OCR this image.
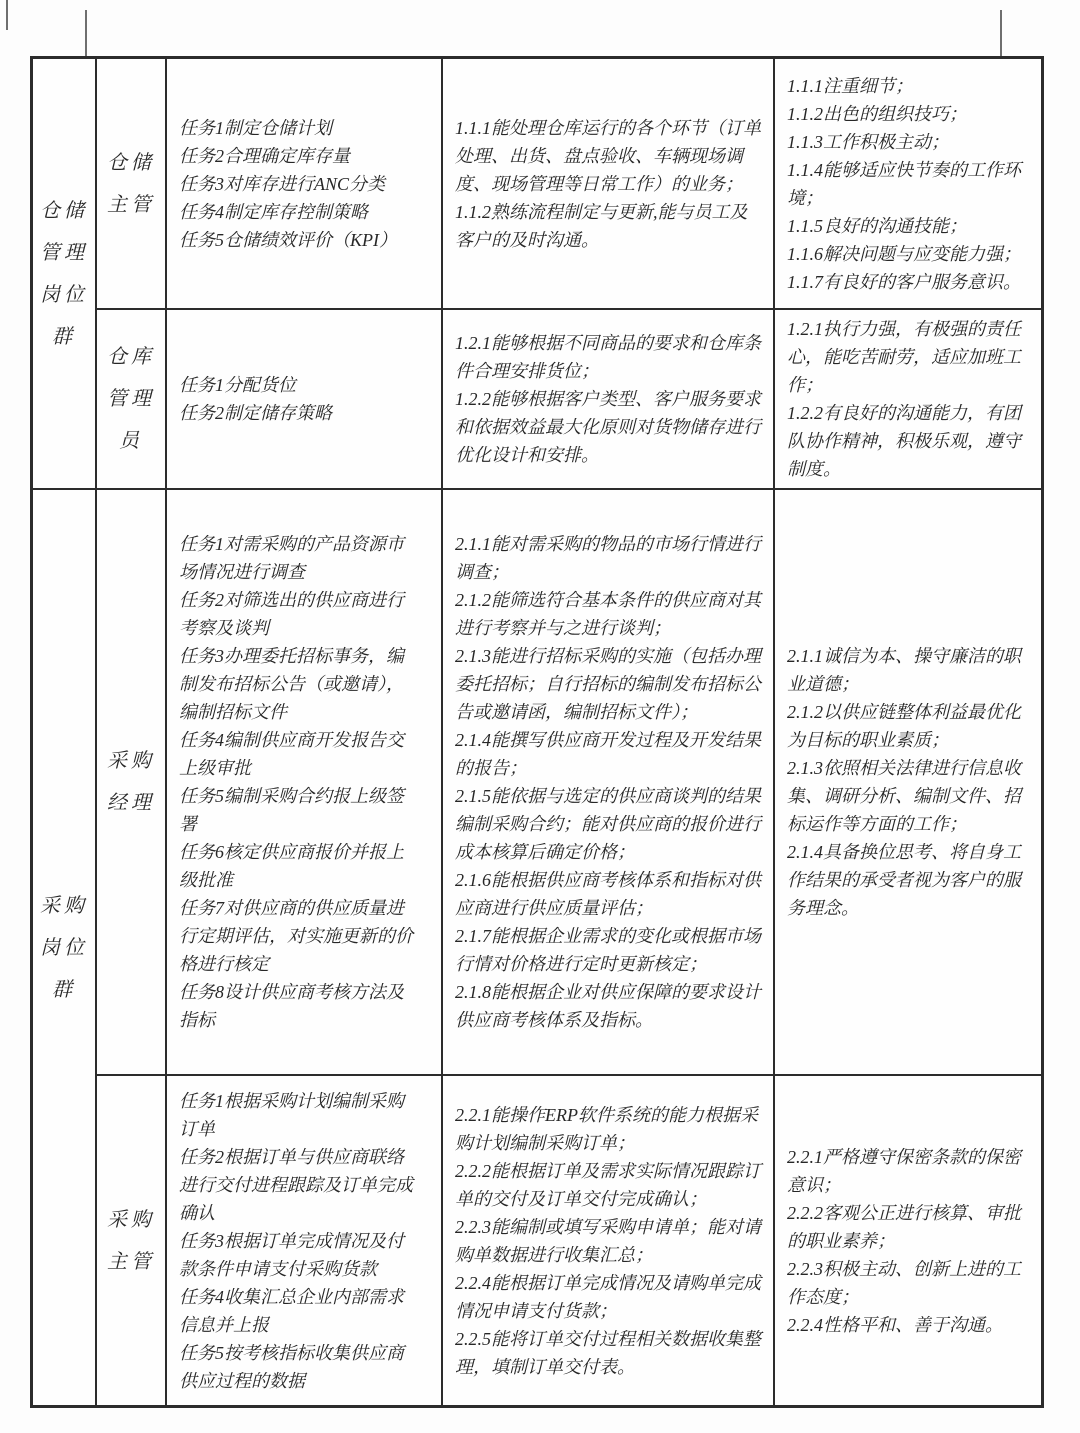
仓储管理岗位群

仓储主管

任务1制定仓储计划

任务2合理确定库存量

任务3对库存进行ANC分类

任务4制定库存控制策略

任务5仓储绩效评价（KPI）

1.1.1能处理仓库运行的各个环节（订单处理、出货、盘点验收、车辆现场调度、现场管理等日常工作）的业务；

1.1.2熟练流程制定与更新,能与员工及客户的及时沟通。

1.1.1注重细节；

1.1.2出色的组织技巧；

1.1.3工作积极主动；

1.1.4能够适应快节奏的工作环境；

1.1.5良好的沟通技能；

1.1.6解决问题与应变能力强；

1.1.7有良好的客户服务意识。

仓库管理员

任务1分配货位

任务2制定储存策略

1.2.1能够根据不同商品的要求和仓库条件合理安排货位；

1.2.2能够根据客户类型、客户服务要求和依据效益最大化原则对货物储存进行优化设计和安排。

1.2.1执行力强，有极强的责任心，能吃苦耐劳，适应加班工作；

1.2.2有良好的沟通能力，有团队协作精神，积极乐观，遵守制度。

采购岗位群

采购经理

任务1对需采购的产品资源市场情况进行调查

任务2对筛选出的供应商进行考察及谈判

任务3办理委托招标事务，编制发布招标公告（或邀请），编制招标文件

任务4编制供应商开发报告交上级审批

任务5编制采购合约报上级签署

任务6核定供应商报价并报上级批准

任务7对供应商的供应质量进行定期评估，对实施更新的价格进行核定

任务8设计供应商考核方法及指标

2.1.1能对需采购的物品的市场行情进行调查；

2.1.2能筛选符合基本条件的供应商对其进行考察并与之进行谈判；

2.1.3能进行招标采购的实施（包括办理委托招标；自行招标的编制发布招标公告或邀请函，编制招标文件）；

2.1.4能撰写供应商开发过程及开发结果的报告；

2.1.5能依据与选定的供应商谈判的结果编制采购合约；能对供应商的报价进行成本核算后确定价格；

2.1.6能根据供应商考核体系和指标对供应商进行供应质量评估；

2.1.7能根据企业需求的变化或根据市场行情对价格进行定时更新核定；

2.1.8能根据企业对供应保障的要求设计供应商考核体系及指标。

2.1.1诚信为本、操守廉洁的职业道德；

2.1.2以供应链整体利益最优化为目标的职业素质；

2.1.3依照相关法律进行信息收集、调研分析、编制文件、招标运作等方面的工作；

2.1.4具备换位思考、将自身工作结果的承受者视为客户的服务理念。

采购主管

任务1根据采购计划编制采购订单

任务2根据订单与供应商联络进行交付进程跟踪及订单完成确认

任务3根据订单完成情况及付款条件申请支付采购货款

任务4收集汇总企业内部需求信息并上报

任务5按考核指标收集供应商供应过程的数据

2.2.1能操作ERP软件系统的能力根据采购计划编制采购订单；

2.2.2能根据订单及需求实际情况跟踪订单的交付及订单交付完成确认；

2.2.3能编制或填写采购申请单；能对请购单数据进行收集汇总；

2.2.4能根据订单完成情况及请购单完成情况申请支付货款；

2.2.5能将订单交付过程相关数据收集整理，填制订单交付表。

2.2.1严格遵守保密条款的保密意识；

2.2.2客观公正进行核算、审批的职业素养；

2.2.3积极主动、创新上进的工作态度；

2.2.4性格平和、善于沟通。
